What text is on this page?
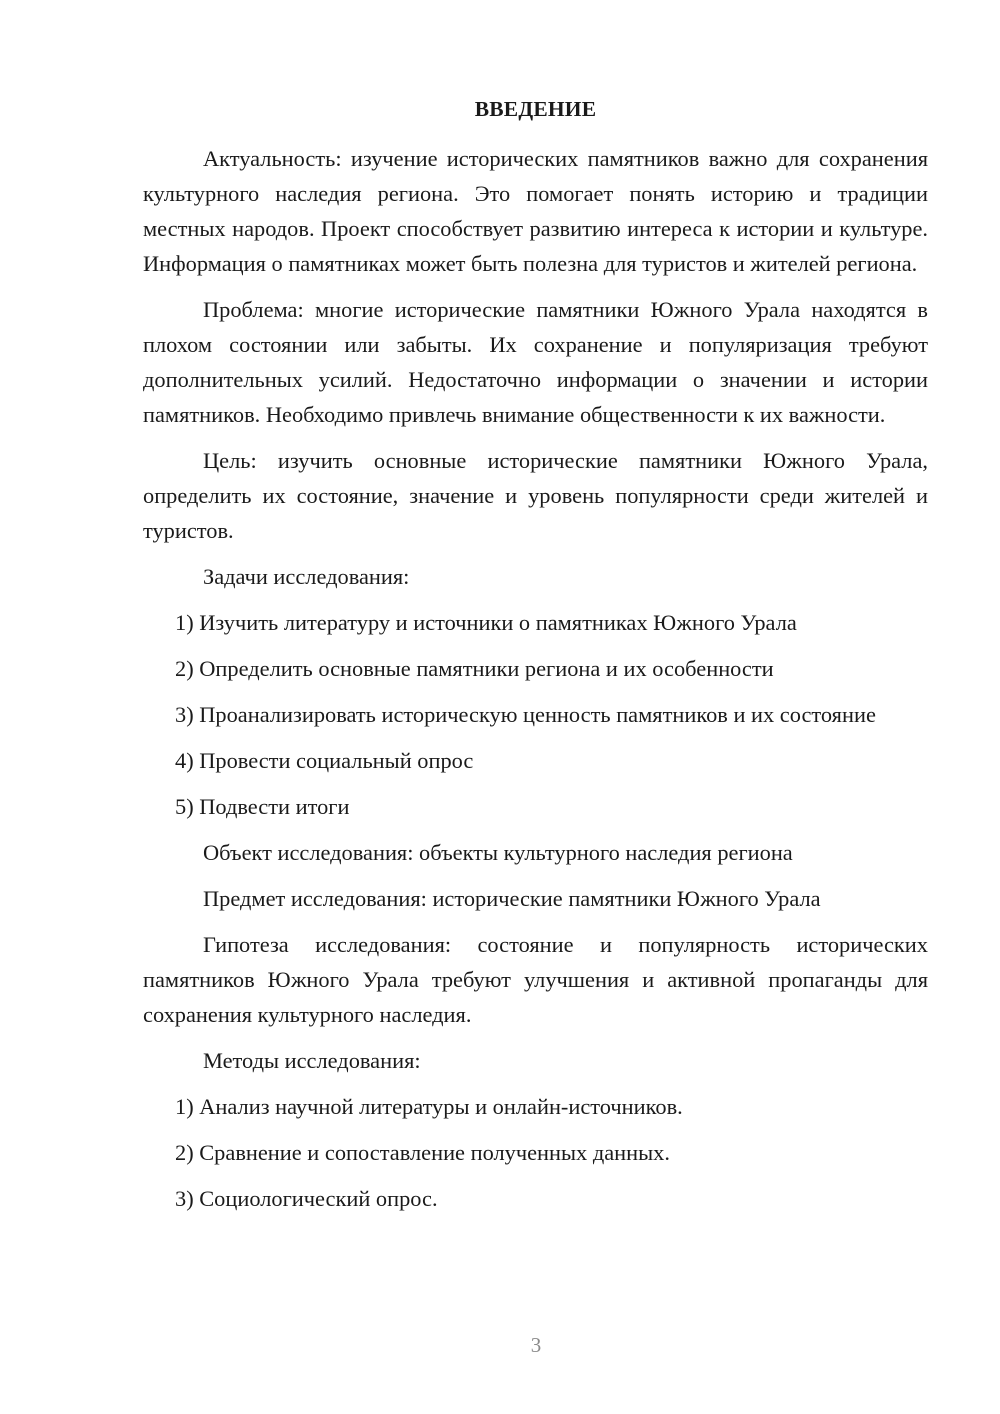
ВВЕДЕНИЕ

Актуальность: изучение исторических памятников важно для сохранения культурного наследия региона. Это помогает понять историю и традиции местных народов. Проект способствует развитию интереса к истории и культуре. Информация о памятниках может быть полезна для туристов и жителей региона.

Проблема: многие исторические памятники Южного Урала находятся в плохом состоянии или забыты. Их сохранение и популяризация требуют дополнительных усилий. Недостаточно информации о значении и истории памятников. Необходимо привлечь внимание общественности к их важности.

Цель: изучить основные исторические памятники Южного Урала, определить их состояние, значение и уровень популярности среди жителей и туристов.

Задачи исследования:

1) Изучить литературу и источники о памятниках Южного Урала

2) Определить основные памятники региона и их особенности

3) Проанализировать историческую ценность памятников и их состояние

4) Провести социальный опрос

5) Подвести итоги

Объект исследования: объекты культурного наследия региона

Предмет исследования: исторические памятники Южного Урала

Гипотеза исследования: состояние и популярность исторических памятников Южного Урала требуют улучшения и активной пропаганды для сохранения культурного наследия.

Методы исследования:

1) Анализ научной литературы и онлайн-источников.

2) Сравнение и сопоставление полученных данных.

3) Социологический опрос.

3
